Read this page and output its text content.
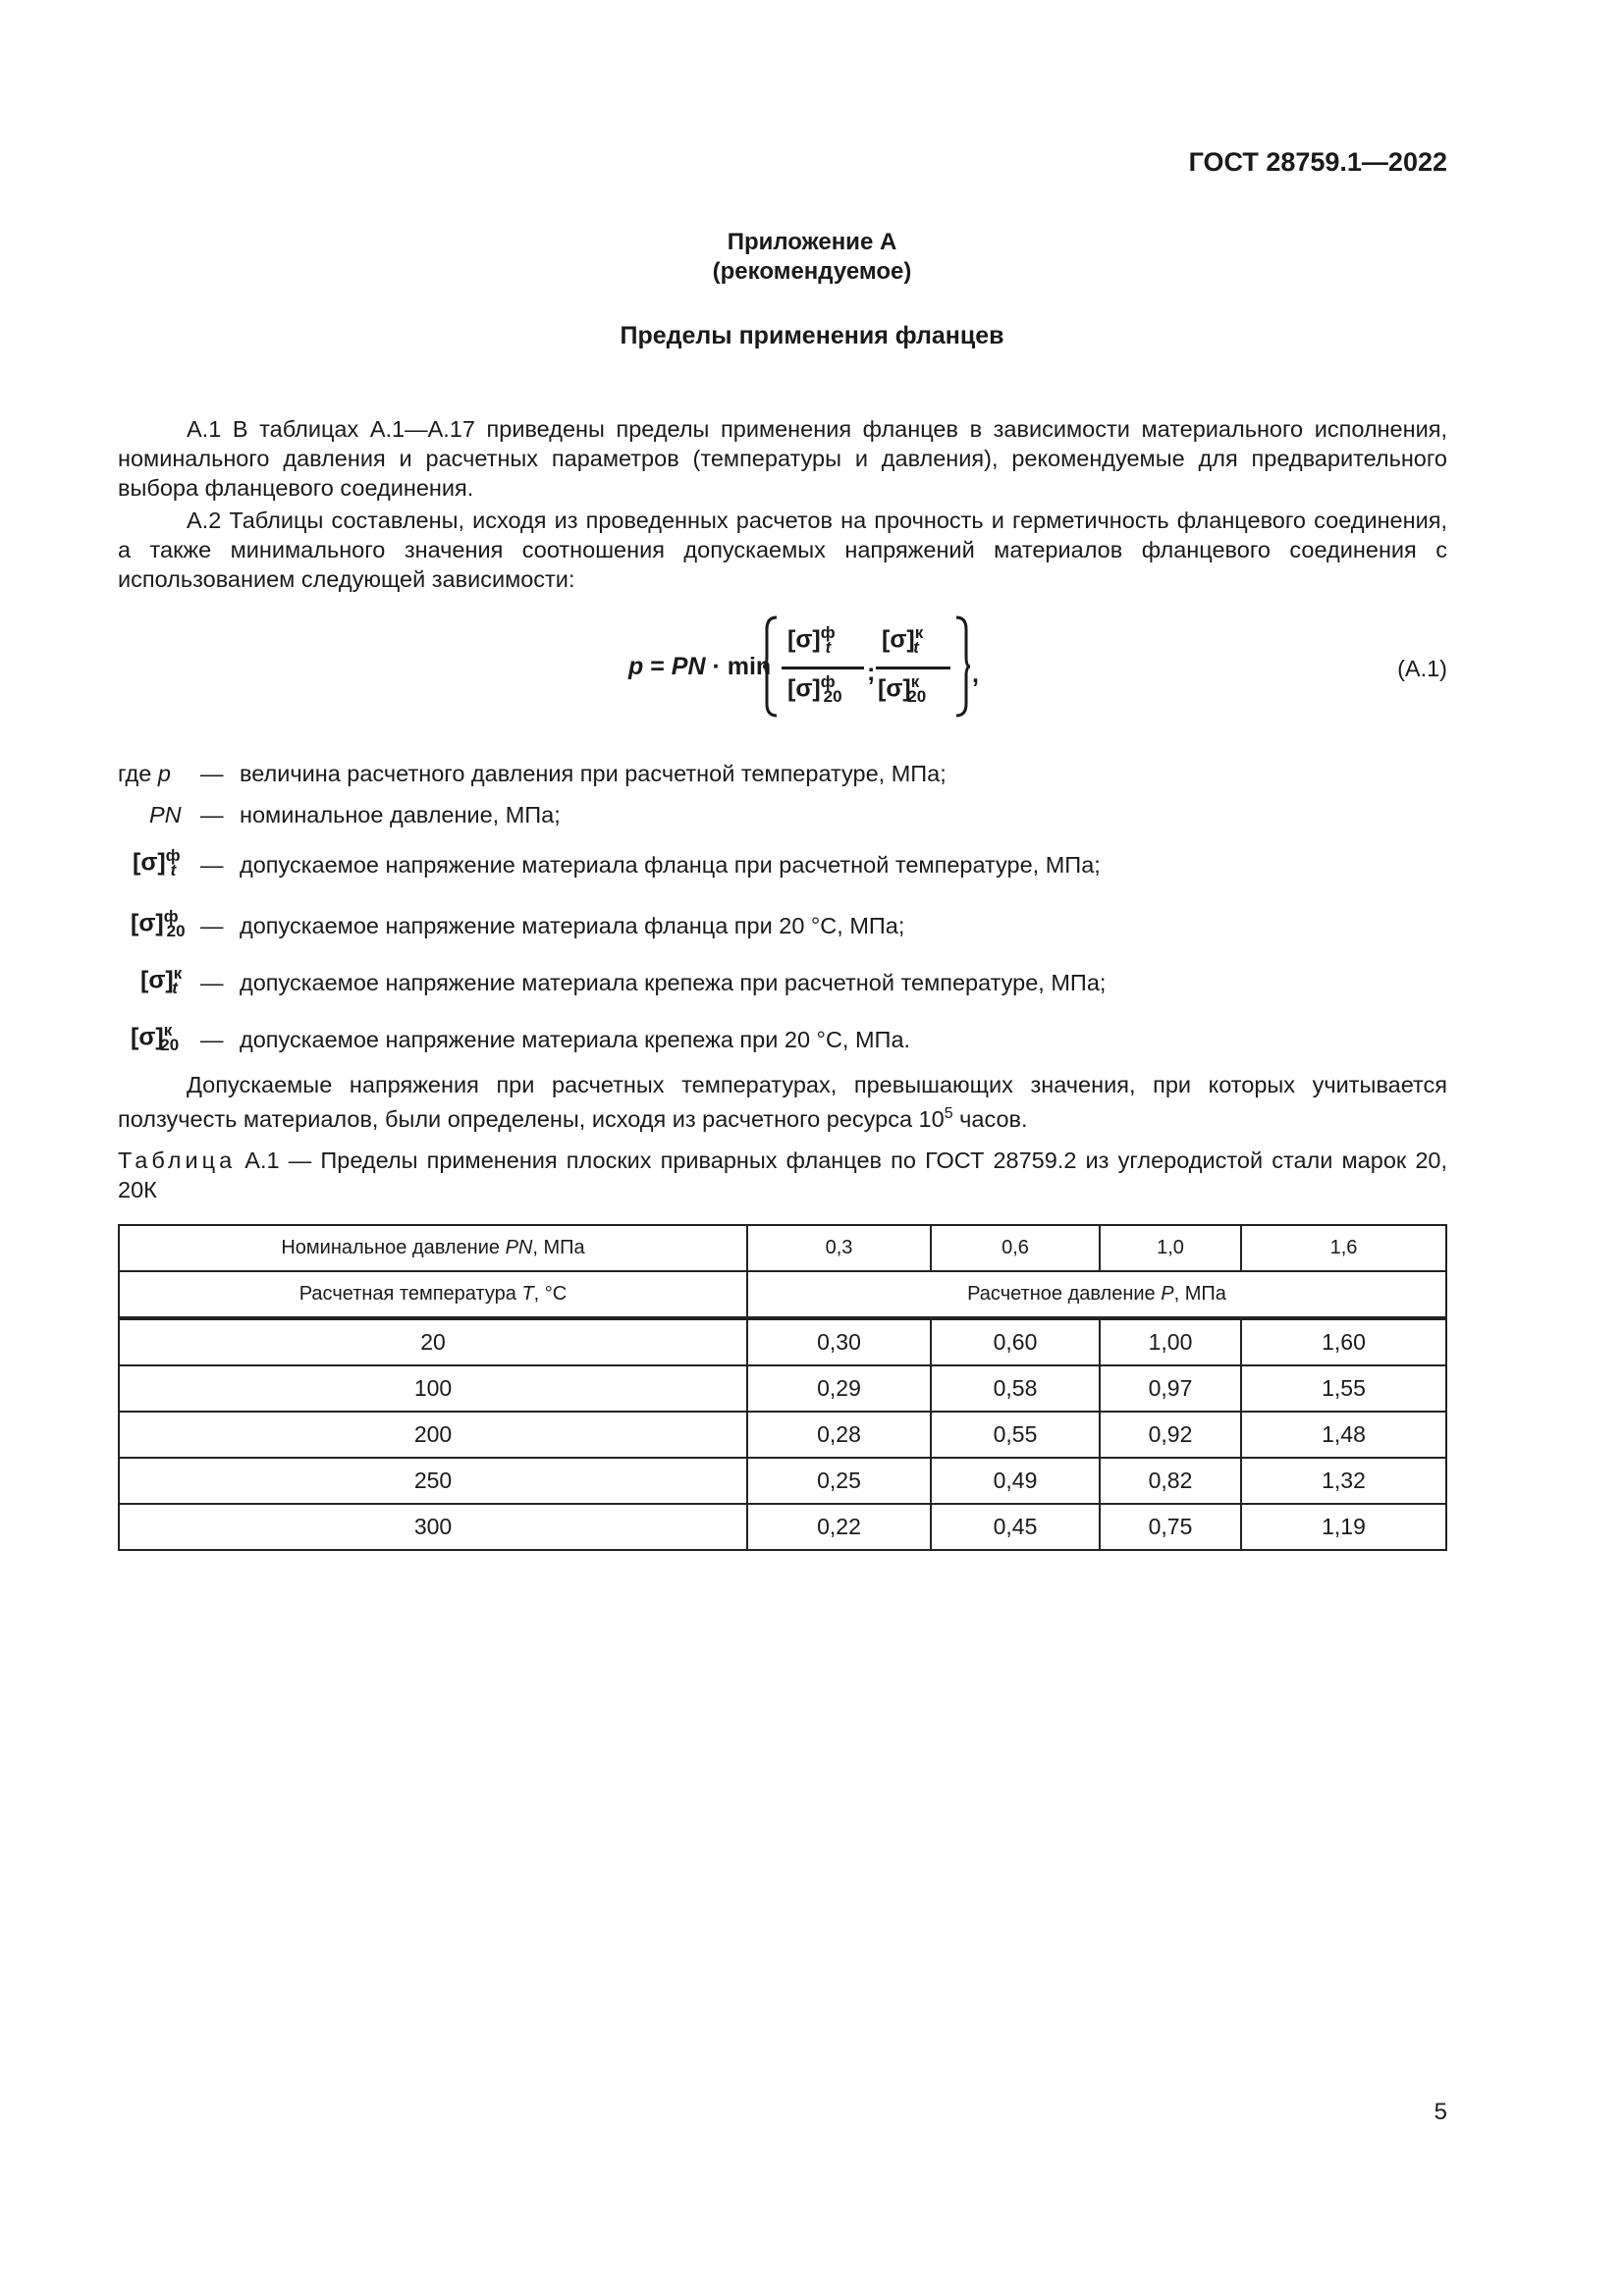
ГОСТ 28759.1—2022
Приложение А
(рекомендуемое)
Пределы применения фланцев
А.1 В таблицах А.1—А.17 приведены пределы применения фланцев в зависимости материального исполнения, номинального давления и расчетных параметров (температуры и давления), рекомендуемые для предварительного выбора фланцевого соединения.
А.2 Таблицы составлены, исходя из проведенных расчетов на прочность и герметичность фланцевого соединения, а также минимального значения соотношения допускаемых напряжений материалов фланцевого соединения с использованием следующей зависимости:
p = PN · min
$[\sigma]^ф_t$
$[\sigma]^ф_{20}$
;
$[\sigma]^к_t$
$[\sigma]^к_{20}$
,	(А.1)
где p — величина расчетного давления при расчетной температуре, МПа;
PN — номинальное давление, МПа;
$[\sigma]^ф_t$ — допускаемое напряжение материала фланца при расчетной температуре, МПа;
$[\sigma]^ф_{20}$ — допускаемое напряжение материала фланца при 20 °С, МПа;
$[\sigma]^к_t$ — допускаемое напряжение материала крепежа при расчетной температуре, МПа;
$[\sigma]^к_{20}$ — допускаемое напряжение материала крепежа при 20 °С, МПа.
Допускаемые напряжения при расчетных температурах, превышающих значения, при которых учитывается ползучесть материалов, были определены, исходя из расчетного ресурса $10^5$ часов.
Таблица А.1 — Пределы применения плоских приварных фланцев по ГОСТ 28759.2 из углеродистой стали марок 20, 20К
Номинальное давление PN, МПа	0,3	0,6	1,0	1,6
Расчетная температура T, °С	Расчетное давление P, МПа			
20	0,30	0,60	1,00	1,60
100	0,29	0,58	0,97	1,55
200	0,28	0,55	0,92	1,48
250	0,25	0,49	0,82	1,32
300	0,22	0,45	0,75	1,19
5
